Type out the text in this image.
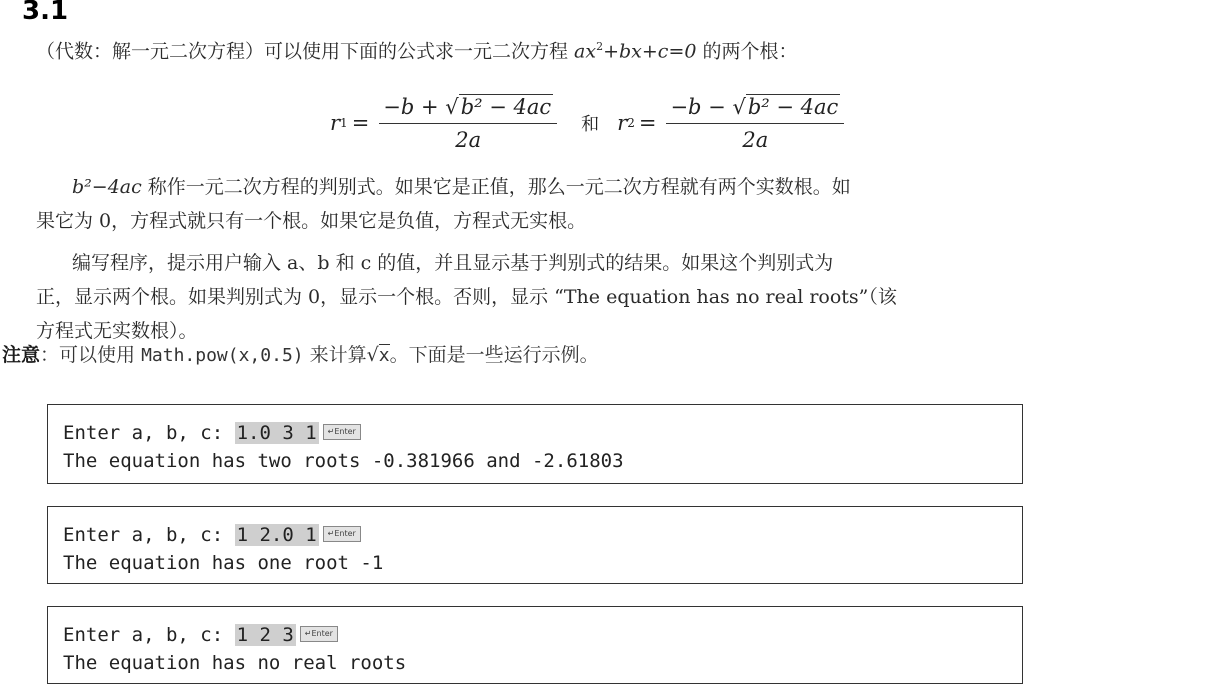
3.1
（代数：解一元二次方程）可以使用下面的公式求一元二次方程 $ax^2+bx+c=0$ 的两个根：
r $1 = \frac{\text{−b + √b² − 4ac}}{2a}$ 和 r $2 = \frac{\text{−b − √b² − 4ac}}{2a}$
b²−4ac 称作一元二次方程的判别式。如果它是正值，那么一元二次方程就有两个实数根。如
果它为 0，方程式就只有一个根。如果它是负值，方程式无实根。
编写程序，提示用户输入 a、b 和 c 的值，并且显示基于判别式的结果。如果这个判别式为
正，显示两个根。如果判别式为 0，显示一个根。否则，显示 “The equation has no real roots”（该
方程式无实数根）。
注意：可以使用 Math.pow(x,0.5) 来计算√x。下面是一些运行示例。
Enter a, b, c: 1.0 3 1 ↵Enter
The equation has two roots -0.381966 and -2.61803
Enter a, b, c: 1 2.0 1 ↵Enter
The equation has one root -1
Enter a, b, c: 1 2 3 ↵Enter
The equation has no real roots
